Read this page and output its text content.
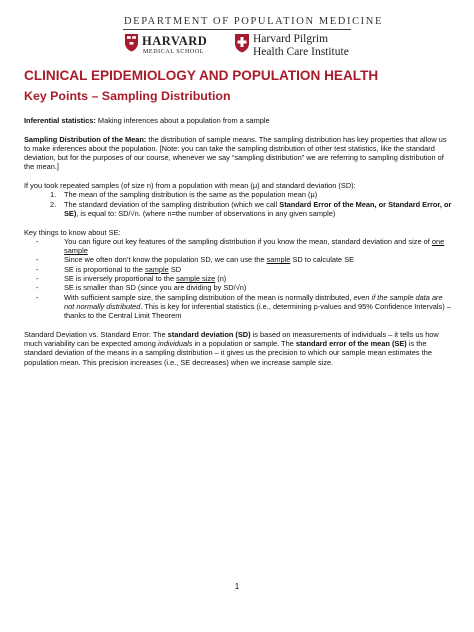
DEPARTMENT OF POPULATION MEDICINE
HARVARD
MEDICAL SCHOOL
Harvard Pilgrim
Health Care Institute
CLINICAL EPIDEMIOLOGY AND POPULATION HEALTH
Key Points – Sampling Distribution

Inferential statistics: Making inferences about a population from a sample

Sampling Distribution of the Mean: the distribution of sample means. The sampling distribution has key properties that allow us to make inferences about the population. [Note: you can take the sampling distribution of other test statistics, like the standard deviation, but for the purposes of our course, whenever we say “sampling distribution” we are referring to sampling distribution of the mean.]

If you took repeated samples (of size n) from a population with mean (μ) and standard deviation (SD):
1. The mean of the sampling distribution is the same as the population mean (μ)
2. The standard deviation of the sampling distribution (which we call Standard Error of the Mean, or Standard Error, or SE), is equal to: SD/√n. (where n=the number of observations in any given sample)
Key things to know about SE:
-	You can figure out key features of the sampling distribution if you know the mean, standard deviation and size of one sample
-	Since we often don’t know the population SD, we can use the sample SD to calculate SE
-	SE is proportional to the sample SD
-	SE is inversely proportional to the sample size (n)
-	SE is smaller than SD (since you are dividing by SD/√n)
-	With sufficient sample size, the sampling distribution of the mean is normally distributed, even if the sample data are not normally distributed. This is key for inferential statistics (i.e., determining p-values and 95% Confidence Intervals) – thanks to the Central Limit Theorem

Standard Deviation vs. Standard Error: The standard deviation (SD) is based on measurements of individuals – it tells us how much variability can be expected among individuals in a population or sample. The standard error of the mean (SE) is the standard deviation of the means in a sampling distribution – it gives us the precision to which our sample mean estimates the population mean. This precision increases (i.e., SE decreases) when we increase sample size.

1
